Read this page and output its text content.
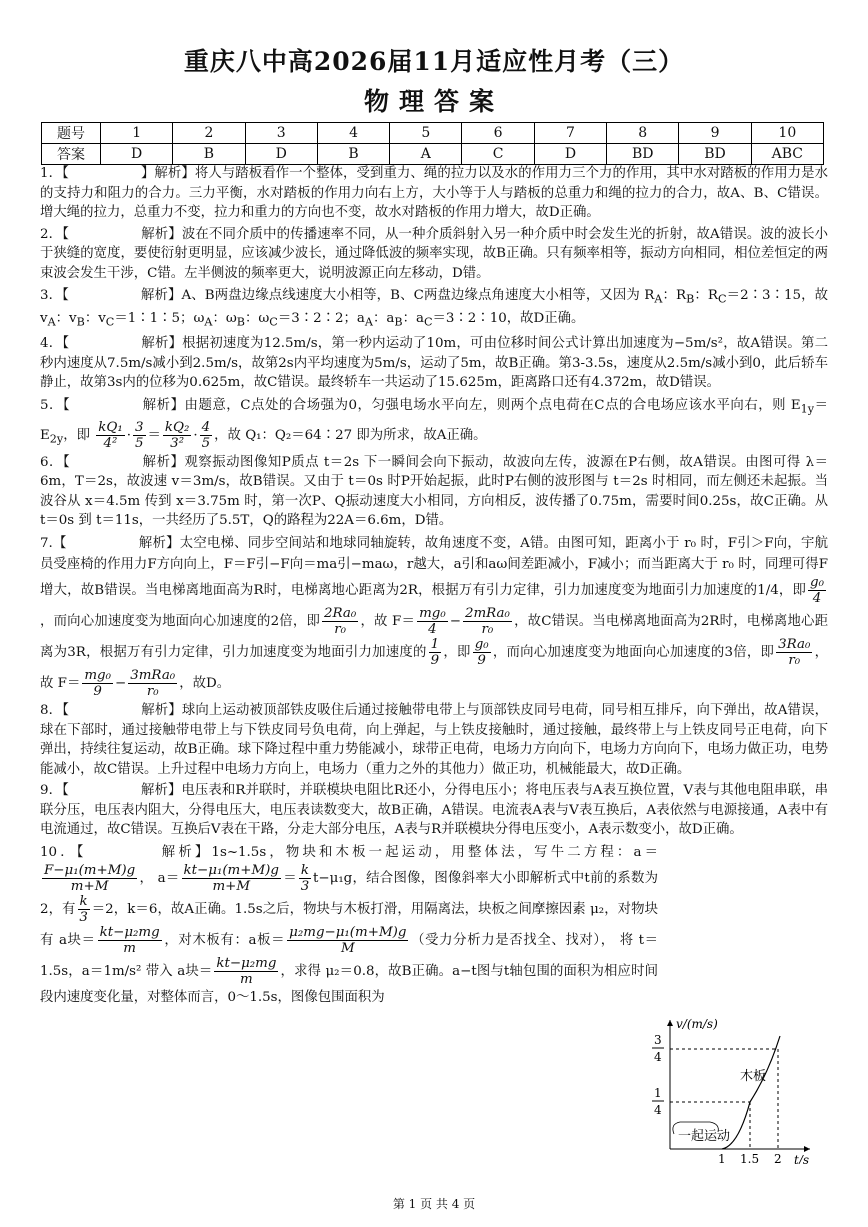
重庆八中高2026届11月适应性月考（三）
物理答案
题号	1	2	3	4	5	6	7	8	9	10
答案	D	B	D	B	A	C	D	BD	BD	ABC
1．【	】解析】将人与踏板看作一个整体，受到重力、绳的拉力以及水的作用力三个力的作用，其中水对踏板的作用力是水的支持力和阻力的合力。三力平衡，水对踏板的作用力向右上方，大小等于人与踏板的总重力和绳的拉力的合力，故A、B、C错误。增大绳的拉力，总重力不变，拉力和重力的方向也不变，故水对踏板的作用力增大，故D正确。
2．【	解析】波在不同介质中的传播速率不同，从一种介质斜射入另一种介质中时会发生光的折射，故A错误。波的波长小于狭缝的宽度，要使衍射更明显，应该减少波长，通过降低波的频率实现，故B正确。只有频率相等，振动方向相同，相位差恒定的两束波会发生干涉，C错。左半侧波的频率更大，说明波源正向左移动，D错。
3．【	解析】A、B两盘边缘点线速度大小相等，B、C两盘边缘点角速度大小相等，又因为 $R_A$：$R_B$：$R_C=2∶3∶15$，故 $v_A$：$v_B$：$v_C=1∶1∶5$；$\omega_A$：$\omega_B$：$\omega_C=3∶2∶2$；$a_A$：$a_B$：$a_C=3∶2∶10$，故D正确。
4．【	解析】根据初速度为12.5m/s，第一秒内运动了10m，可由位移时间公式计算出加速度为−5m/s²，故A错误。第二秒内速度从7.5m/s减小到2.5m/s，故第2s内平均速度为5m/s，运动了5m，故B正确。第3-3.5s，速度从2.5m/s减小到0，此后轿车静止，故第3s内的位移为0.625m，故C错误。最终轿车一共运动了15.625m，距离路口还有4.372m，故D错误。
5．【	解析】由题意，C点处的合场强为0，匀强电场水平向左，则两个点电荷在C点的合电场应该水平向右，则 $E_{1y}=E_{2y}$，即 $\frac{\text{kQ₁}}{\text{4²}} \cdot \frac{3}{5} = \frac{\text{kQ₂}}{\text{3²}} \cdot \frac{4}{5}$ ，故 Q₁：Q₂＝64∶27 即为所求，故A正确。
6．【	解析】观察振动图像知P质点 t＝2s 下一瞬间会向下振动，故波向左传，波源在P右侧，故A错误。由图可得 λ＝6m，T＝2s，故波速 v＝3m/s，故B错误。又由于 t＝0s 时P开始起振，此时P右侧的波形图与 t＝2s 时相同，而左侧还未起振。当波谷从 x＝4.5m 传到 x＝3.75m 时，第一次P、Q振动速度大小相同，方向相反，波传播了0.75m，需要时间0.25s，故C正确。从 t＝0s 到 t＝11s，一共经历了5.5T，Q的路程为22A＝6.6m，D错。
7.【	解析】太空电梯、同步空间站和地球同轴旋转，故角速度不变，A错。由图可知，距离小于 r₀ 时，F引＞F向，宇航员受座椅的作用力F方向向上，F＝F引−F向＝ma引−maω，r越大，a引和aω间差距减小，F减小；而当距离大于 r₀ 时，同理可得F增大，故B错误。当电梯离地面高为R时，电梯离地心距离为2R，根据万有引力定律，引力加速度变为地面引力加速度的1/4，即 $\frac{\text{g₀}}{4}$
，而向心加速度变为地面向心加速度的2倍，即 $\frac{\text{2Ra₀}}{\text{r₀}}$ ，故 $F= \frac{\text{mg₀}}{4} - \frac{\text{2mRa₀}}{\text{r₀}}$ ，故C错误。当电梯离地面高为2R时，电梯离地心距离为3R，根据万有引力定律，引力加速度变为地面引力加速度的 $\frac{1}{9}$ ，即 $\frac{\text{g₀}}{9}$ ，而向心加速度变为地面向心加速度的3倍，即 $\frac{\text{3Ra₀}}{\text{r₀}}$ ，故 $F= \frac{\text{mg₀}}{9} - \frac{\text{3mRa₀}}{\text{r₀}}$ ，故D。
8．【	解析】球向上运动被顶部铁皮吸住后通过接触带电带上与顶部铁皮同号电荷，同号相互排斥，向下弹出，故A错误，球在下部时，通过接触带电带上与下铁皮同号负电荷，向上弹起，与上铁皮接触时，通过接触，最终带上与上铁皮同号正电荷，向下弹出，持续往复运动，故B正确。球下降过程中重力势能减小，球带正电荷，电场力方向向下，电场力方向向下，电场力做正功，电势能减小，故C错误。上升过程中电场力方向上，电场力（重力之外的其他力）做正功，机械能最大，故D正确。
9．【	解析】电压表和R并联时，并联模块电阻比R还小，分得电压小；将电压表与A表互换位置，V表与其他电阻串联，串联分压，电压表内阻大，分得电压大，电压表读数变大，故B正确，A错误。电流表A表与V表互换后，A表依然与电源接通，A表中有电流通过，故C错误。互换后V表在干路，分走大部分电压，A表与R并联模块分得电压变小，A表示数变小，故D正确。
10．【	解析】1s~1.5s，物块和木板一起运动，用整体法，写牛二方程：a＝
$\frac{\text{F−μ₁(m+M)g}}{m+M}$ ， $a= \frac{\text{kt−μ₁(m+M)g}}{m+M} = \frac{k}{3} t-\mu_1g$，结合图像，图像斜率大小即解析式中t前的系数为2，有 $\frac{k}{3} =2$，k＝6，故A正确。1.5s之后，物块与木板打滑，用隔离法，块板之间摩擦因素 μ₂，对物块有 a块＝ $\frac{\text{kt−μ₂mg}}{m}$ ，对木板有：a板＝ $\frac{\text{μ₂mg−μ₁(m+M)g}}{M}$ （受力分析力是否找全、找对）， 将 t＝1.5s，a＝1m/s² 带入 a块＝ $\frac{\text{kt−μ₂mg}}{m}$ ，求得 μ₂＝0.8，故B正确。a−t图与t轴包围的面积为相应时间段内速度变化量，对整体而言，0～1.5s，图像包围面积为
v/(m/s)
t/s
3
4
1
4
1 1.5 2
木板
一起运动
第 1 页 共 4 页
